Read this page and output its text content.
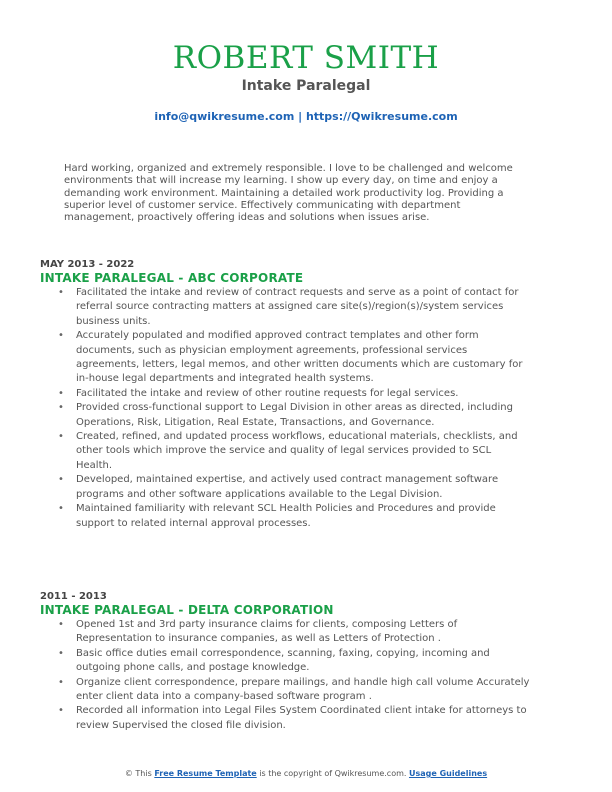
ROBERT SMITH
Intake Paralegal
info@qwikresume.com | https://Qwikresume.com
Hard working, organized and extremely responsible. I love to be challenged and welcome environments that will increase my learning. I show up every day, on time and enjoy a demanding work environment. Maintaining a detailed work productivity log. Providing a superior level of customer service. Effectively communicating with department management, proactively offering ideas and solutions when issues arise.
MAY 2013 - 2022
INTAKE PARALEGAL - ABC CORPORATE
• Facilitated the intake and review of contract requests and serve as a point of contact for referral source contracting matters at assigned care site(s)/region(s)/system services business units.
• Accurately populated and modified approved contract templates and other form documents, such as physician employment agreements, professional services agreements, letters, legal memos, and other written documents which are customary for in-house legal departments and integrated health systems.
• Facilitated the intake and review of other routine requests for legal services.
• Provided cross-functional support to Legal Division in other areas as directed, including Operations, Risk, Litigation, Real Estate, Transactions, and Governance.
• Created, refined, and updated process workflows, educational materials, checklists, and other tools which improve the service and quality of legal services provided to SCL Health.
• Developed, maintained expertise, and actively used contract management software programs and other software applications available to the Legal Division.
• Maintained familiarity with relevant SCL Health Policies and Procedures and provide support to related internal approval processes.
2011 - 2013
INTAKE PARALEGAL - DELTA CORPORATION
• Opened 1st and 3rd party insurance claims for clients, composing Letters of Representation to insurance companies, as well as Letters of Protection .
• Basic office duties email correspondence, scanning, faxing, copying, incoming and outgoing phone calls, and postage knowledge.
• Organize client correspondence, prepare mailings, and handle high call volume Accurately enter client data into a company-based software program .
• Recorded all information into Legal Files System Coordinated client intake for attorneys to review Supervised the closed file division.
© This Free Resume Template is the copyright of Qwikresume.com. Usage Guidelines
